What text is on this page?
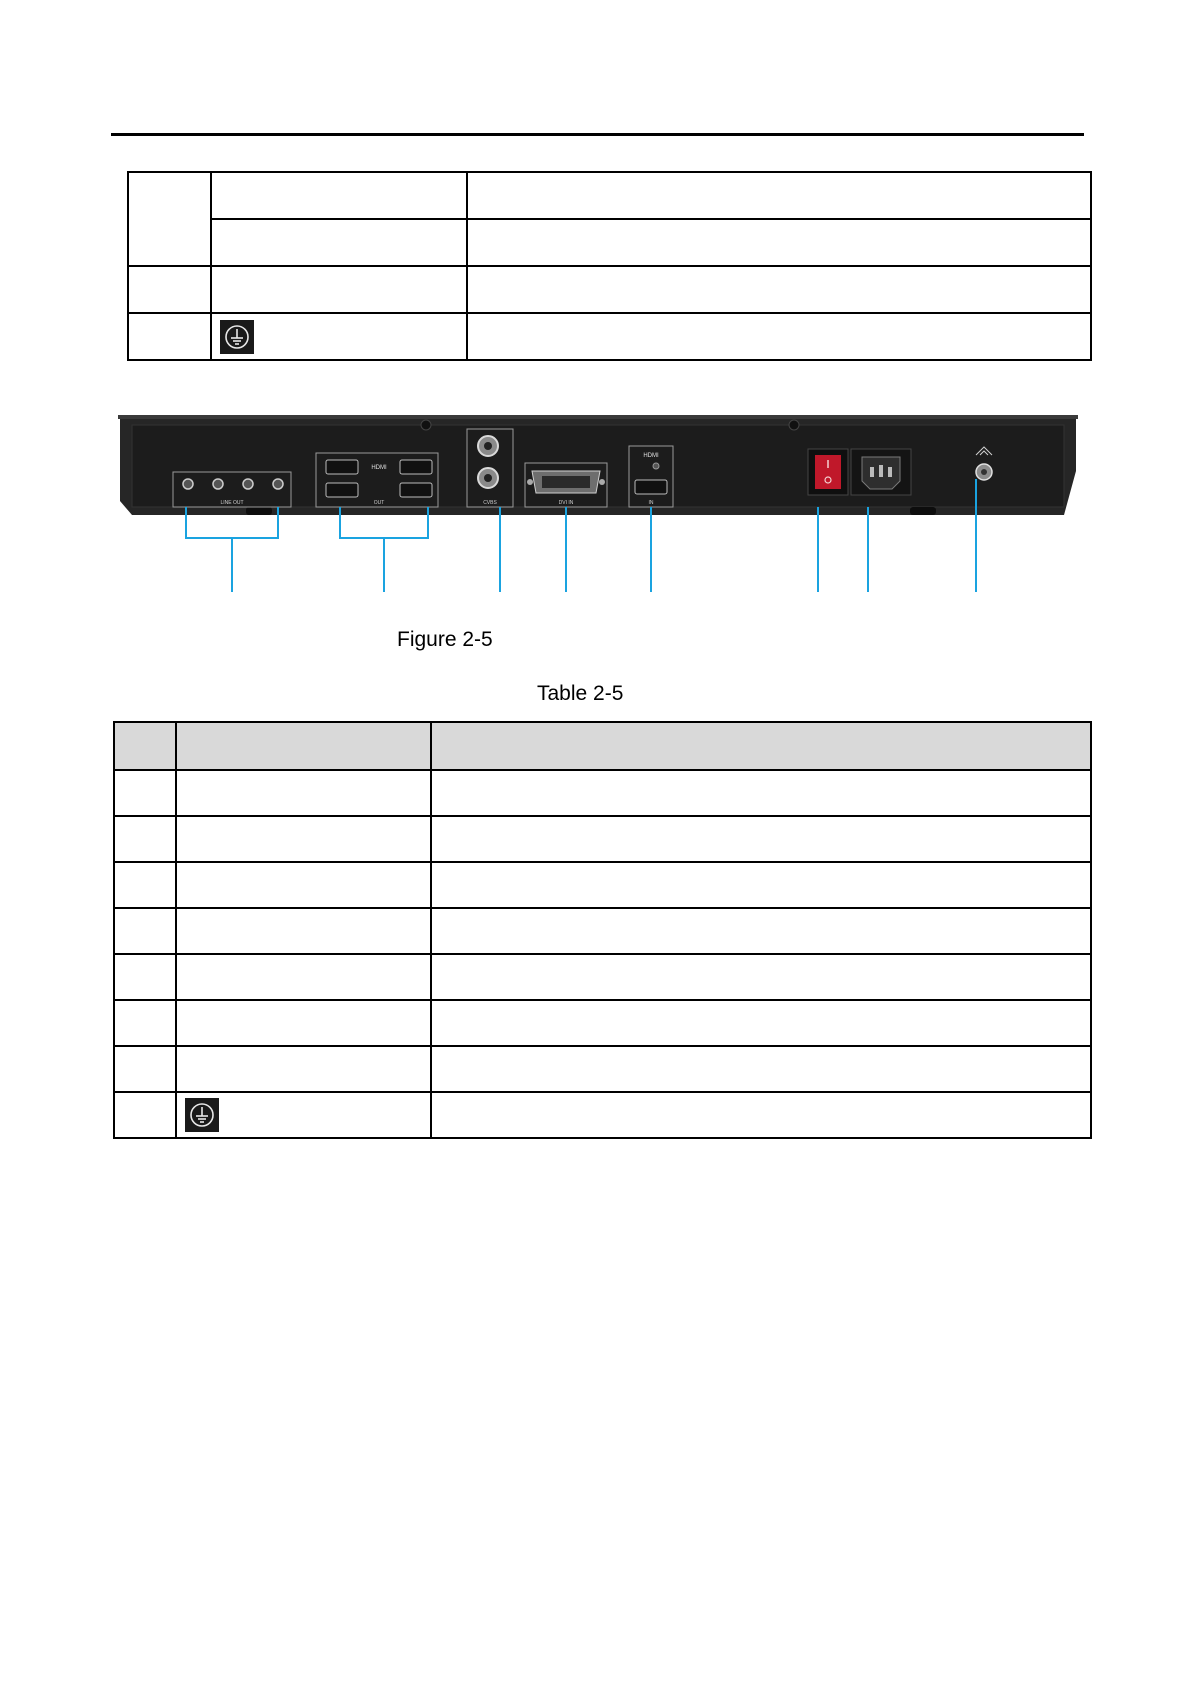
LINE OUT
HDMI
OUT	CVBS	DVI IN
HDMI
IN
Figure 2-5
Table 2-5
